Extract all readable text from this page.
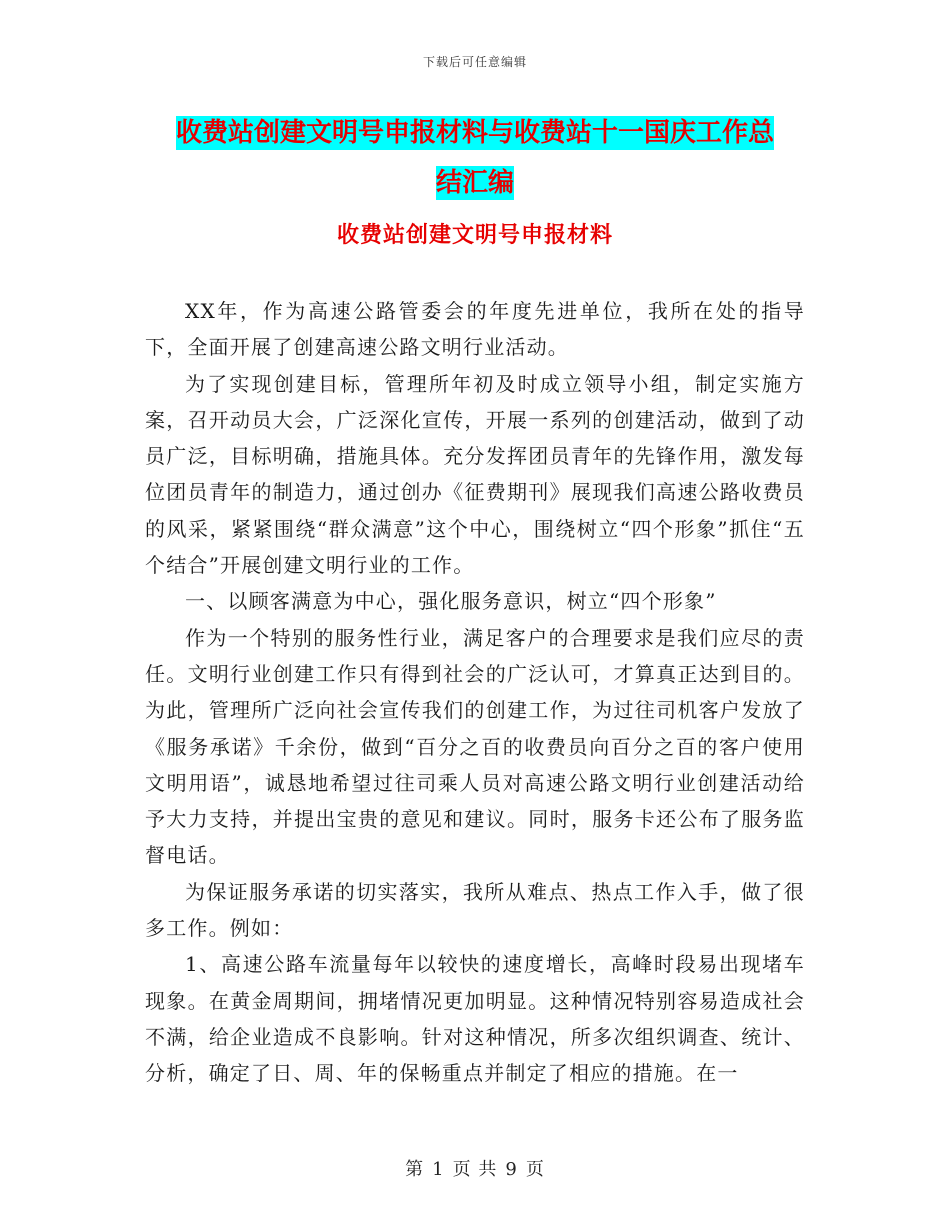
下载后可任意编辑
收费站创建文明号申报材料与收费站十一国庆工作总
结汇编
收费站创建文明号申报材料

XX年，作为高速公路管委会的年度先进单位，我所在处的指导下，全面开展了创建高速公路文明行业活动。

为了实现创建目标，管理所年初及时成立领导小组，制定实施方案，召开动员大会，广泛深化宣传，开展一系列的创建活动，做到了动员广泛，目标明确，措施具体。充分发挥团员青年的先锋作用，激发每位团员青年的制造力，通过创办《征费期刊》展现我们高速公路收费员的风采，紧紧围绕“群众满意”这个中心，围绕树立“四个形象”抓住“五个结合”开展创建文明行业的工作。

一、以顾客满意为中心，强化服务意识，树立“四个形象”

作为一个特别的服务性行业，满足客户的合理要求是我们应尽的责任。文明行业创建工作只有得到社会的广泛认可，才算真正达到目的。为此，管理所广泛向社会宣传我们的创建工作，为过往司机客户发放了《服务承诺》千余份，做到“百分之百的收费员向百分之百的客户使用文明用语”，诚恳地希望过往司乘人员对高速公路文明行业创建活动给予大力支持，并提出宝贵的意见和建议。同时，服务卡还公布了服务监督电话。

为保证服务承诺的切实落实，我所从难点、热点工作入手，做了很多工作。例如：

1、高速公路车流量每年以较快的速度增长，高峰时段易出现堵车现象。在黄金周期间，拥堵情况更加明显。这种情况特别容易造成社会不满，给企业造成不良影响。针对这种情况，所多次组织调查、统计、分析，确定了日、周、年的保畅重点并制定了相应的措施。在一

第 1 页 共 9 页
